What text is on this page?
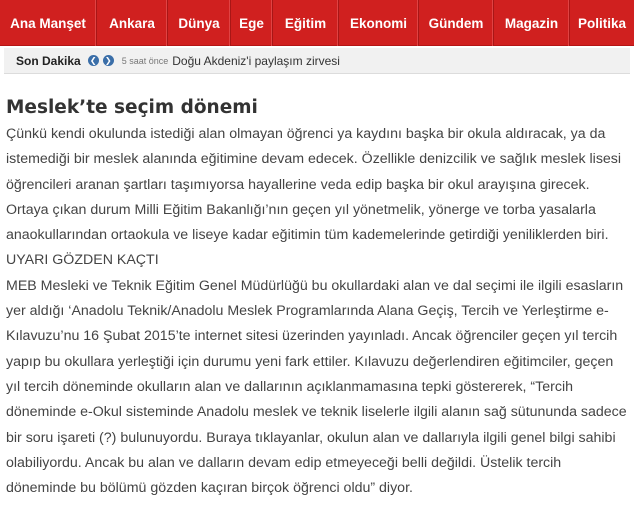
Ana Manşet	Ankara	Dünya	Ege	Eğitim	Ekonomi	Gündem	Magazin	Politika
Son Dakika ❮ ❯ 5 saat önce Doğu Akdeniz'i paylaşım zirvesi
Meslek’te seçim dönemi

Çünkü kendi okulunda istediği alan olmayan öğrenci ya kaydını başka bir okula aldıracak, ya da istemediği bir meslek alanında eğitimine devam edecek. Özellikle denizcilik ve sağlık meslek lisesi öğrencileri aranan şartları taşımıyorsa hayallerine veda edip başka bir okul arayışına girecek. Ortaya çıkan durum Milli Eğitim Bakanlığı’nın geçen yıl yönetmelik, yönerge ve torba yasalarla anaokullarından ortaokula ve liseye kadar eğitimin tüm kademelerinde getirdiği yeniliklerden biri.

UYARI GÖZDEN KAÇTI

MEB Mesleki ve Teknik Eğitim Genel Müdürlüğü bu okullardaki alan ve dal seçimi ile ilgili esasların yer aldığı ‘Anadolu Teknik/Anadolu Meslek Programlarında Alana Geçiş, Tercih ve Yerleştirme e-Kılavuzu’nu 16 Şubat 2015’te internet sitesi üzerinden yayınladı. Ancak öğrenciler geçen yıl tercih yapıp bu okullara yerleştiği için durumu yeni fark ettiler. Kılavuzu değerlendiren eğitimciler, geçen yıl tercih döneminde okulların alan ve dallarının açıklanmamasına tepki göstererek, “Tercih döneminde e-Okul sisteminde Anadolu meslek ve teknik liselerle ilgili alanın sağ sütununda sadece bir soru işareti (?) bulunuyordu. Buraya tıklayanlar, okulun alan ve dallarıyla ilgili genel bilgi sahibi olabiliyordu. Ancak bu alan ve dalların devam edip etmeyeceği belli değildi. Üstelik tercih döneminde bu bölümü gözden kaçıran birçok öğrenci oldu” diyor.
